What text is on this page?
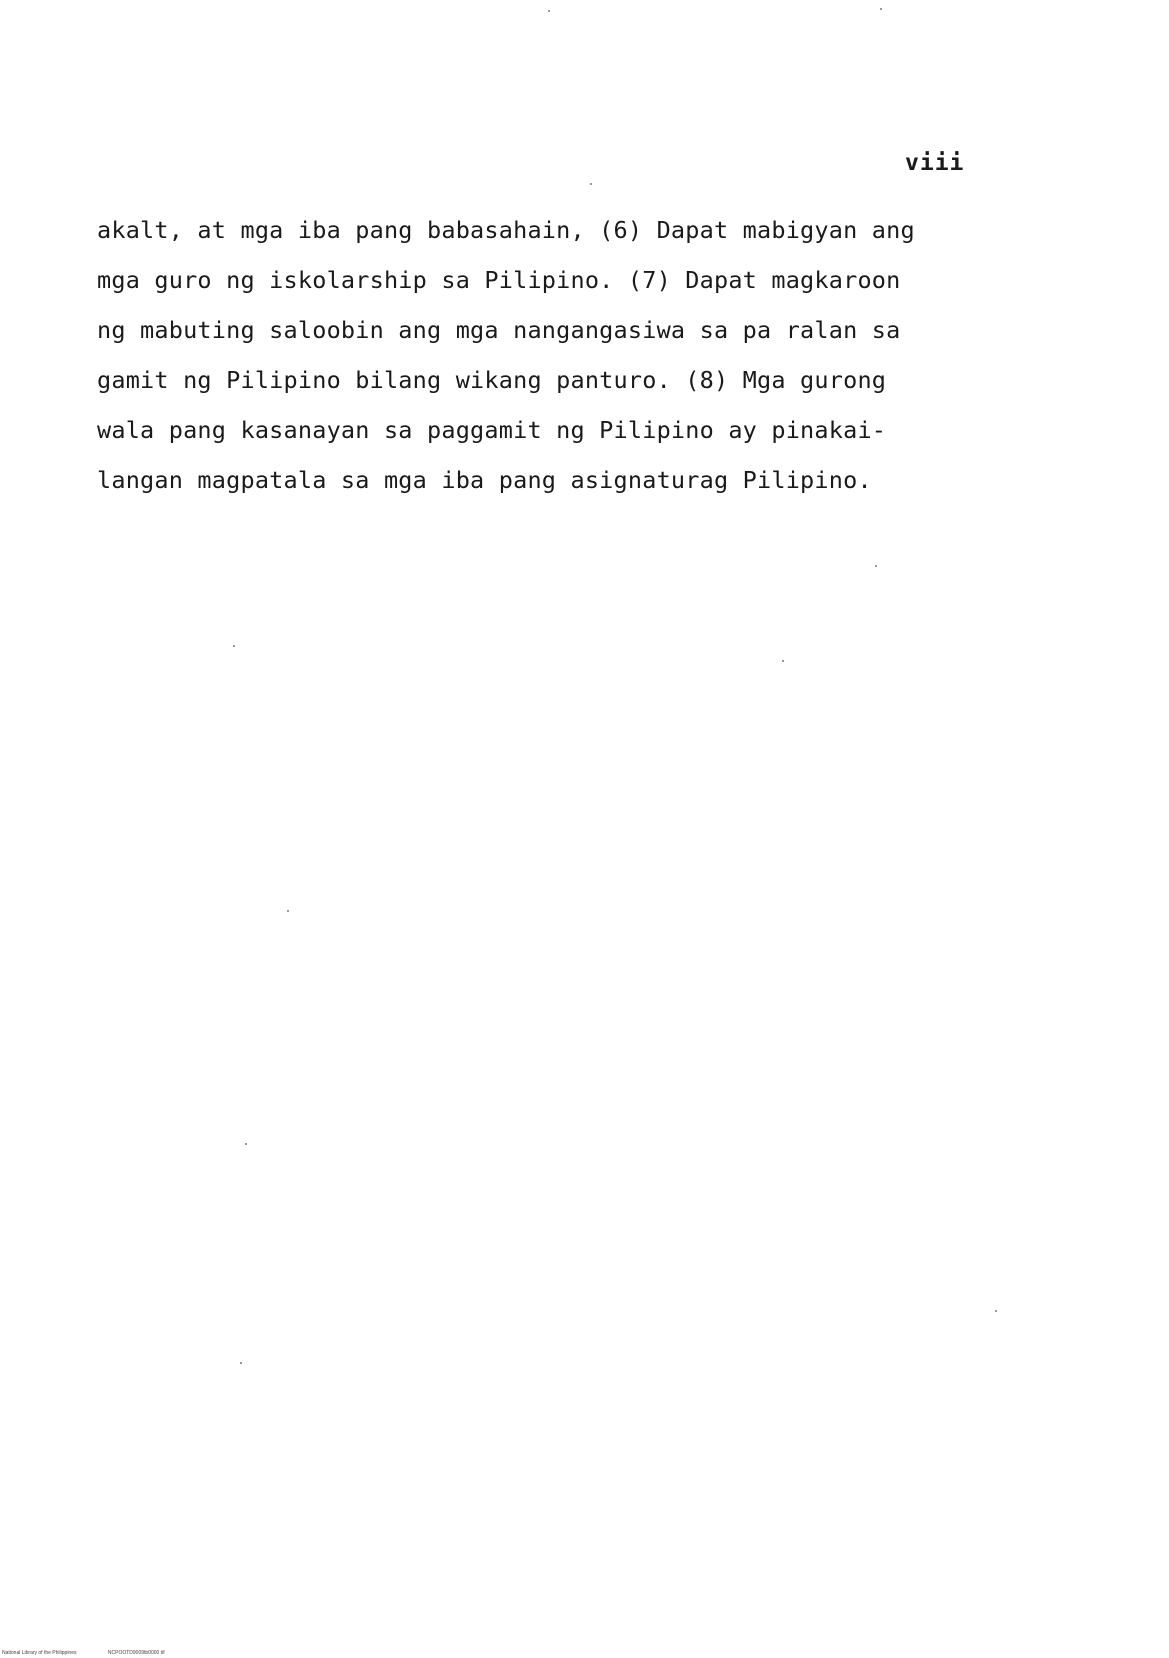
viii
akalt, at mga iba pang babasahain, (6) Dapat mabigyan ang
mga guro ng iskolarship sa Pilipino. (7) Dapat magkaroon
ng mabuting saloobin ang mga nangangasiwa sa pa ralan sa
gamit ng Pilipino bilang wikang panturo. (8) Mga gurong
wala pang kasanayan sa paggamit ng Pilipino ay pinakai-
langan magpatala sa mga iba pang asignaturag Pilipino.
National Library of the Philippines	NCPOOTD9009tb0000 tif
